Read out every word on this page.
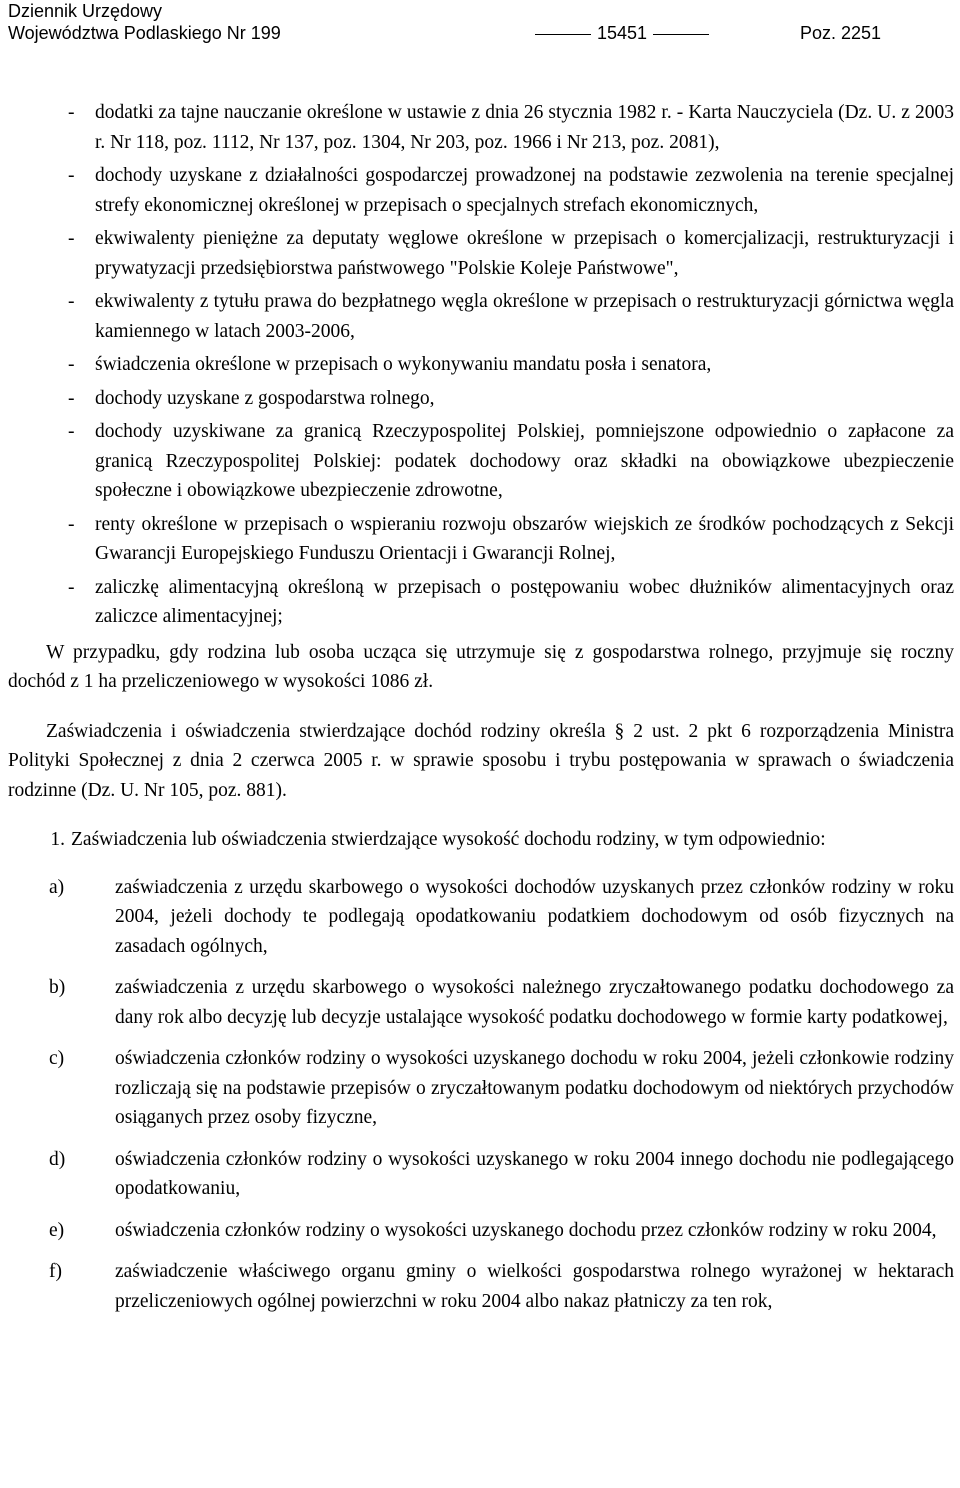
Dziennik Urzędowy
Województwa Podlaskiego Nr 199	15451	Poz. 2251
-	dodatki za tajne nauczanie określone w ustawie z dnia 26 stycznia 1982 r. - Karta Nauczyciela (Dz. U. z 2003 r. Nr 118, poz. 1112, Nr 137, poz. 1304, Nr 203, poz. 1966 i Nr 213, poz. 2081),
-	dochody uzyskane z działalności gospodarczej prowadzonej na podstawie zezwolenia na terenie specjalnej strefy ekonomicznej określonej w przepisach o specjalnych strefach ekonomicznych,
-	ekwiwalenty pieniężne za deputaty węglowe określone w przepisach o komercjalizacji, restrukturyzacji i prywatyzacji przedsiębiorstwa państwowego "Polskie Koleje Państwowe",
-	ekwiwalenty z tytułu prawa do bezpłatnego węgla określone w przepisach o restrukturyzacji górnictwa węgla kamiennego w latach 2003-2006,
-	świadczenia określone w przepisach o wykonywaniu mandatu posła i senatora,
-	dochody uzyskane z gospodarstwa rolnego,
-	dochody uzyskiwane za granicą Rzeczypospolitej Polskiej, pomniejszone odpowiednio o zapłacone za granicą Rzeczypospolitej Polskiej: podatek dochodowy oraz składki na obowiązkowe ubezpieczenie społeczne i obowiązkowe ubezpieczenie zdrowotne,
-	renty określone w przepisach o wspieraniu rozwoju obszarów wiejskich ze środków pochodzących z Sekcji Gwarancji Europejskiego Funduszu Orientacji i Gwarancji Rolnej,
-	zaliczkę alimentacyjną określoną w przepisach o postępowaniu wobec dłużników alimentacyjnych oraz zaliczce alimentacyjnej;

W przypadku, gdy rodzina lub osoba ucząca się utrzymuje się z gospodarstwa rolnego, przyjmuje się roczny dochód z 1 ha przeliczeniowego w wysokości 1086 zł.

Zaświadczenia i oświadczenia stwierdzające dochód rodziny określa § 2 ust. 2 pkt 6 rozporządzenia Ministra Polityki Społecznej z dnia 2 czerwca 2005 r. w sprawie sposobu i trybu postępowania w sprawach o świadczenia rodzinne (Dz. U. Nr 105, poz. 881).

1. Zaświadczenia lub oświadczenia stwierdzające wysokość dochodu rodziny, w tym odpowiednio:

a)	zaświadczenia z urzędu skarbowego o wysokości dochodów uzyskanych przez członków rodziny w roku 2004, jeżeli dochody te podlegają opodatkowaniu podatkiem dochodowym od osób fizycznych na zasadach ogólnych,
b)	zaświadczenia z urzędu skarbowego o wysokości należnego zryczałtowanego podatku dochodowego za dany rok albo decyzję lub decyzje ustalające wysokość podatku dochodowego w formie karty podatkowej,
c)	oświadczenia członków rodziny o wysokości uzyskanego dochodu w roku 2004, jeżeli członkowie rodziny rozliczają się na podstawie przepisów o zryczałtowanym podatku dochodowym od niektórych przychodów osiąganych przez osoby fizyczne,
d)	oświadczenia członków rodziny o wysokości uzyskanego w roku 2004 innego dochodu nie podlegającego opodatkowaniu,
e)	oświadczenia członków rodziny o wysokości uzyskanego dochodu przez członków rodziny w roku 2004,
f)	zaświadczenie właściwego organu gminy o wielkości gospodarstwa rolnego wyrażonej w hektarach przeliczeniowych ogólnej powierzchni w roku 2004 albo nakaz płatniczy za ten rok,
